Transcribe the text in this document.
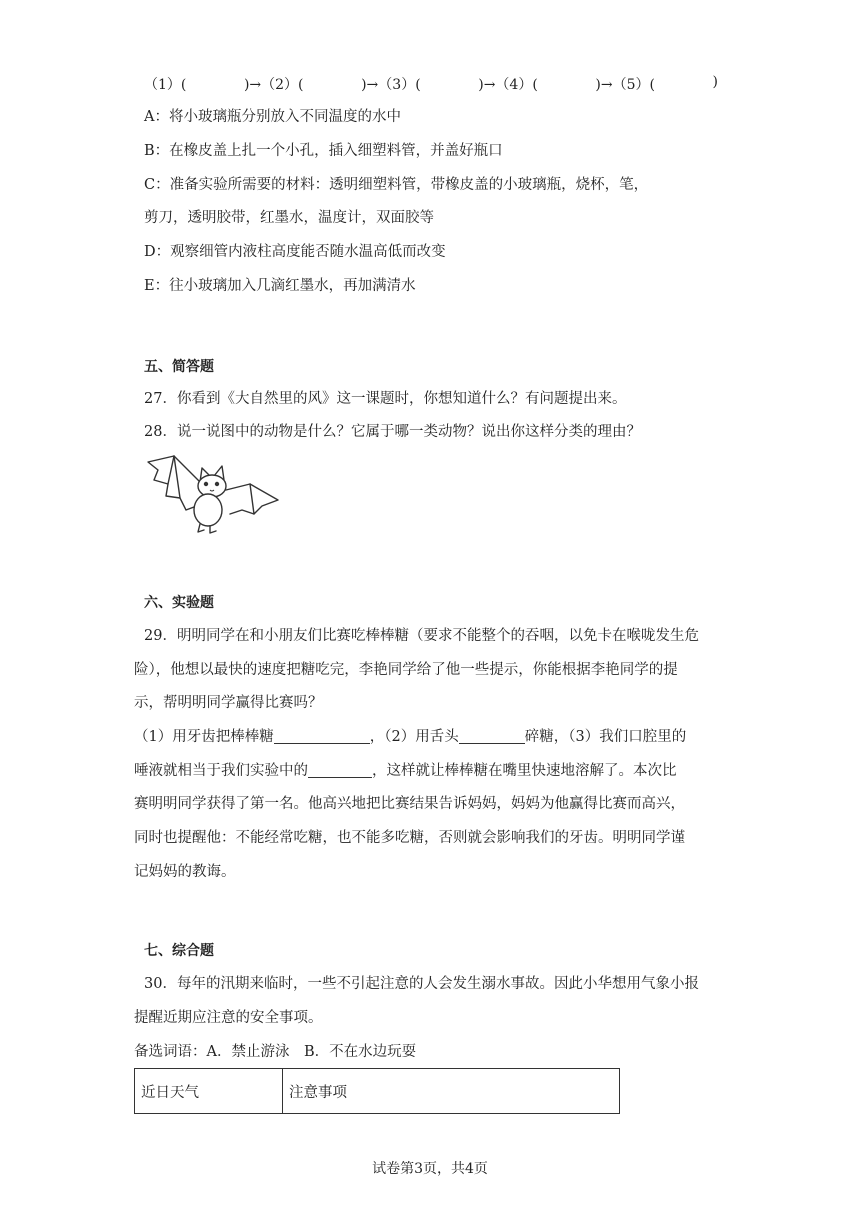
（1）(	)→（2）(	)→（3）(	)→（4）(	)→（5）(	)
A：将小玻璃瓶分别放入不同温度的水中
B：在橡皮盖上扎一个小孔，插入细塑料管，并盖好瓶口
C：准备实验所需要的材料：透明细塑料管，带橡皮盖的小玻璃瓶，烧杯，笔，
剪刀，透明胶带，红墨水，温度计，双面胶等
D：观察细管内液柱高度能否随水温高低而改变
E：往小玻璃加入几滴红墨水，再加满清水
五、简答题
27．你看到《大自然里的风》这一课题时，你想知道什么？有问题提出来。
28．说一说图中的动物是什么？它属于哪一类动物？说出你这样分类的理由？
六、实验题
29．明明同学在和小朋友们比赛吃棒棒糖（要求不能整个的吞咽，以免卡在喉咙发生危
险），他想以最快的速度把糖吃完，李艳同学给了他一些提示，你能根据李艳同学的提
示，帮明明同学赢得比赛吗？
（1）用牙齿把棒棒糖	，（2）用舌头	碎糖，（3）我们口腔里的
唾液就相当于我们实验中的	，这样就让棒棒糖在嘴里快速地溶解了。本次比
赛明明同学获得了第一名。他高兴地把比赛结果告诉妈妈，妈妈为他赢得比赛而高兴，
同时也提醒他：不能经常吃糖，也不能多吃糖，否则就会影响我们的牙齿。明明同学谨
记妈妈的教诲。
七、综合题
30．每年的汛期来临时，一些不引起注意的人会发生溺水事故。因此小华想用气象小报
提醒近期应注意的安全事项。
备选词语：A．禁止游泳　B．不在水边玩耍
近日天气	注意事项
试卷第3页，共4页
